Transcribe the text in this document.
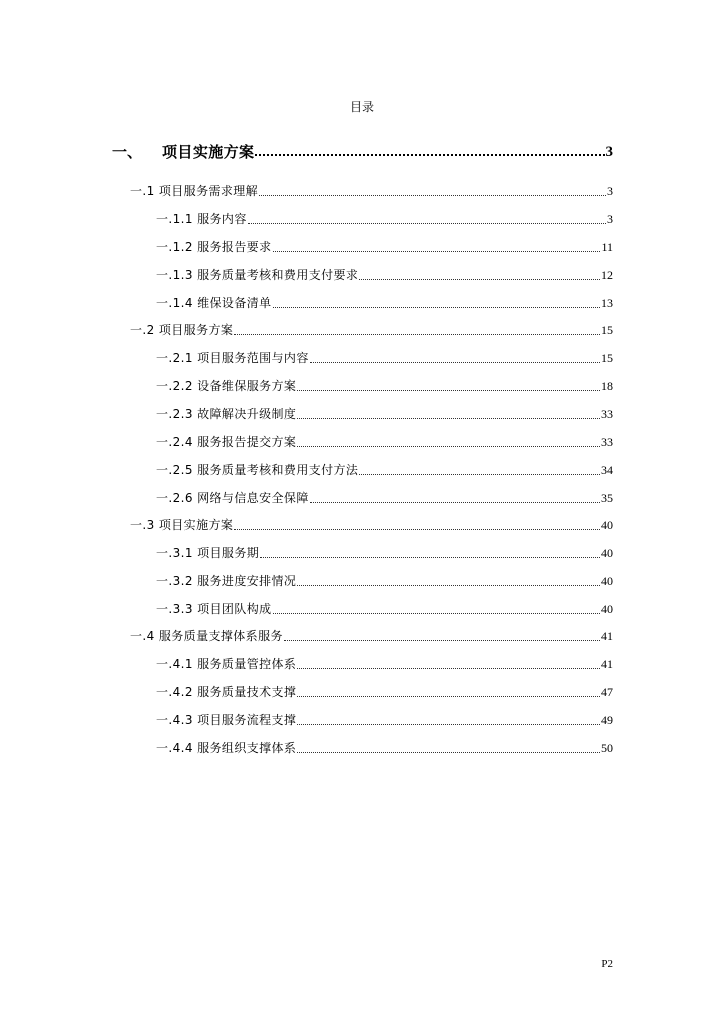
目录
一、 项目实施方案	3
一.1 项目服务需求理解	3
一.1.1 服务内容	3
一.1.2 服务报告要求	11
一.1.3 服务质量考核和费用支付要求	12
一.1.4 维保设备清单	13
一.2 项目服务方案	15
一.2.1 项目服务范围与内容	15
一.2.2 设备维保服务方案	18
一.2.3 故障解决升级制度	33
一.2.4 服务报告提交方案	33
一.2.5 服务质量考核和费用支付方法	34
一.2.6 网络与信息安全保障	35
一.3 项目实施方案	40
一.3.1 项目服务期	40
一.3.2 服务进度安排情况	40
一.3.3 项目团队构成	40
一.4 服务质量支撑体系服务	41
一.4.1 服务质量管控体系	41
一.4.2 服务质量技术支撑	47
一.4.3 项目服务流程支撑	49
一.4.4 服务组织支撑体系	50
P2
